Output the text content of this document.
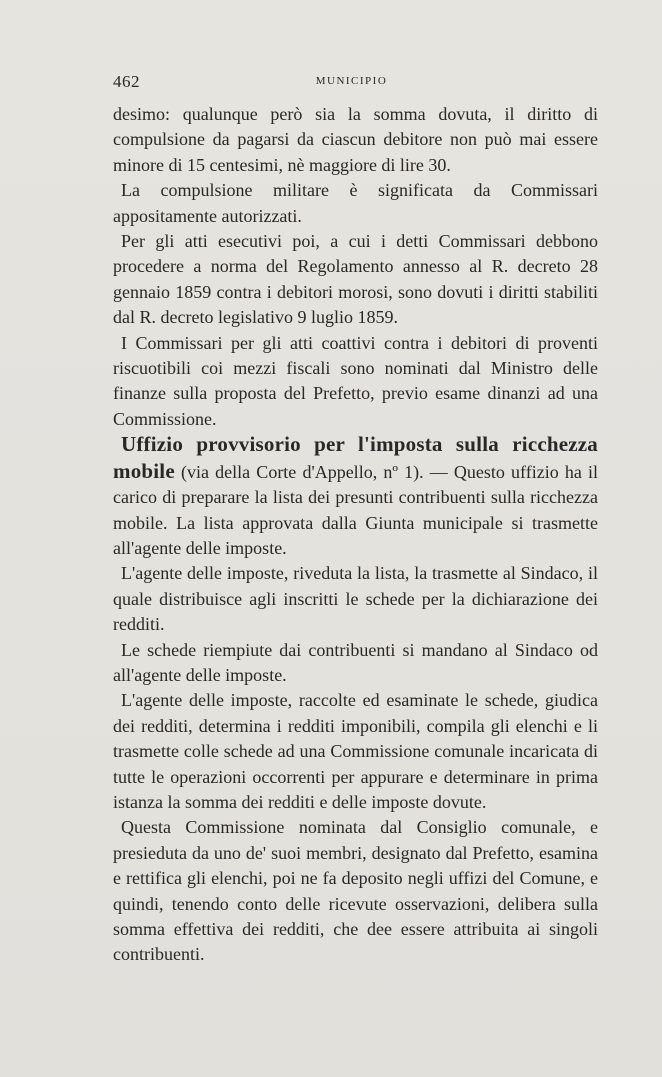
462	MUNICIPIO

desimo: qualunque però sia la somma dovuta, il diritto di compulsione da pagarsi da ciascun debitore non può mai essere minore di 15 centesimi, nè maggiore di lire 30.

La compulsione militare è significata da Commissari appositamente autorizzati.

Per gli atti esecutivi poi, a cui i detti Commissari debbono procedere a norma del Regolamento annesso al R. decreto 28 gennaio 1859 contra i debitori morosi, sono dovuti i diritti stabiliti dal R. decreto legislativo 9 luglio 1859.

I Commissari per gli atti coattivi contra i debitori di proventi riscuotibili coi mezzi fiscali sono nominati dal Ministro delle finanze sulla proposta del Prefetto, previo esame dinanzi ad una Commissione.

Uffizio provvisorio per l'imposta sulla ricchezza mobile (via della Corte d'Appello, nº 1). — Questo uffizio ha il carico di preparare la lista dei presunti contribuenti sulla ricchezza mobile. La lista approvata dalla Giunta municipale si trasmette all'agente delle imposte.

L'agente delle imposte, riveduta la lista, la trasmette al Sindaco, il quale distribuisce agli inscritti le schede per la dichiarazione dei redditi.

Le schede riempiute dai contribuenti si mandano al Sindaco od all'agente delle imposte.

L'agente delle imposte, raccolte ed esaminate le schede, giudica dei redditi, determina i redditi imponibili, compila gli elenchi e li trasmette colle schede ad una Commissione comunale incaricata di tutte le operazioni occorrenti per appurare e determinare in prima istanza la somma dei redditi e delle imposte dovute.

Questa Commissione nominata dal Consiglio comunale, e presieduta da uno de' suoi membri, designato dal Prefetto, esamina e rettifica gli elenchi, poi ne fa deposito negli uffizi del Comune, e quindi, tenendo conto delle ricevute osservazioni, delibera sulla somma effettiva dei redditi, che dee essere attribuita ai singoli contribuenti.
